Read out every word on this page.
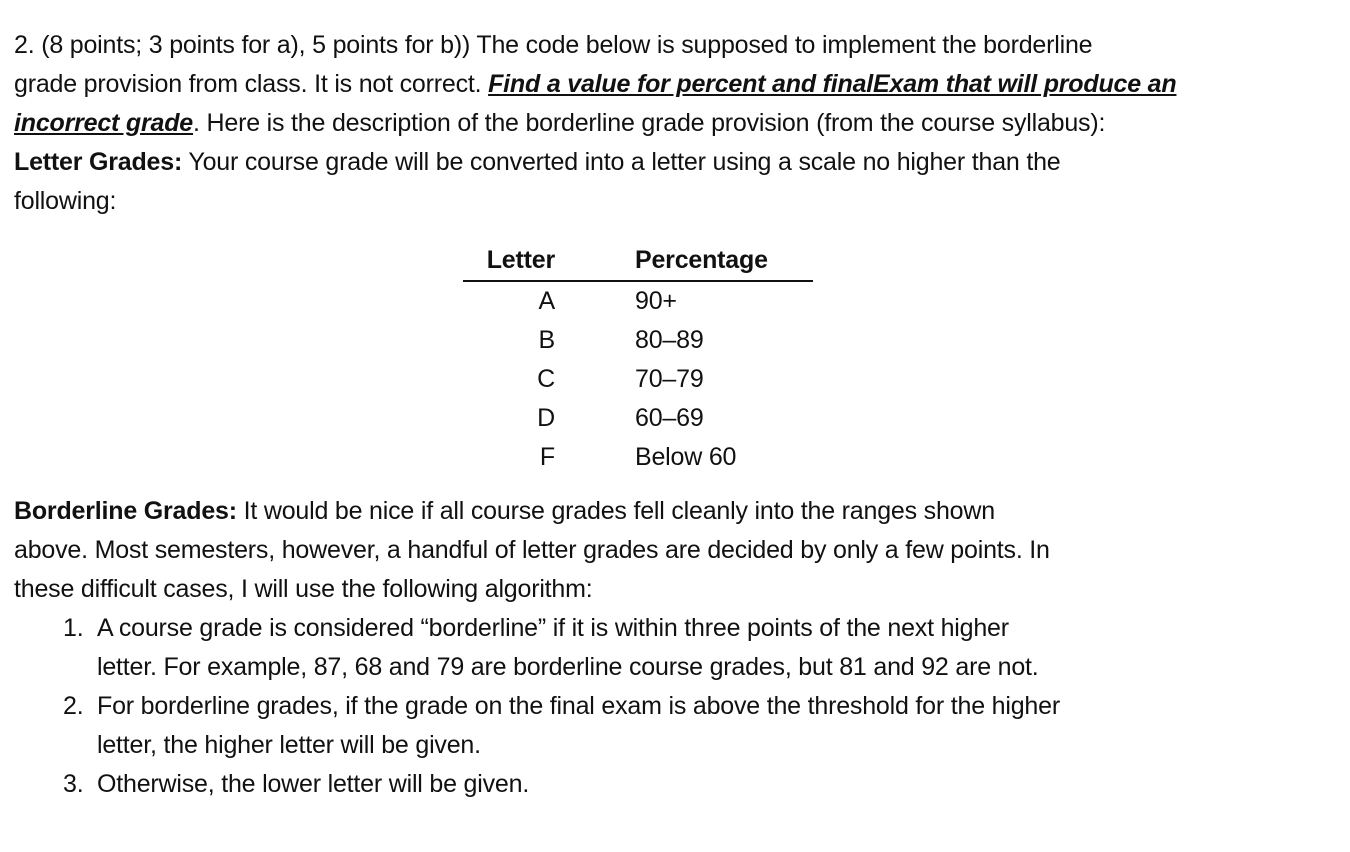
2. (8 points; 3 points for a), 5 points for b)) The code below is supposed to implement the borderline
grade provision from class. It is not correct. Find a value for percent and finalExam that will produce an
incorrect grade. Here is the description of the borderline grade provision (from the course syllabus):
Letter Grades: Your course grade will be converted into a letter using a scale no higher than the
following:
Letter		Percentage
A		90+
B		80–89
C		70–79
D		60–69
F		Below 60
Borderline Grades: It would be nice if all course grades fell cleanly into the ranges shown
above. Most semesters, however, a handful of letter grades are decided by only a few points. In
these difficult cases, I will use the following algorithm:
1. A course grade is considered “borderline” if it is within three points of the next higher
letter. For example, 87, 68 and 79 are borderline course grades, but 81 and 92 are not.
2. For borderline grades, if the grade on the final exam is above the threshold for the higher
letter, the higher letter will be given.
3. Otherwise, the lower letter will be given.
